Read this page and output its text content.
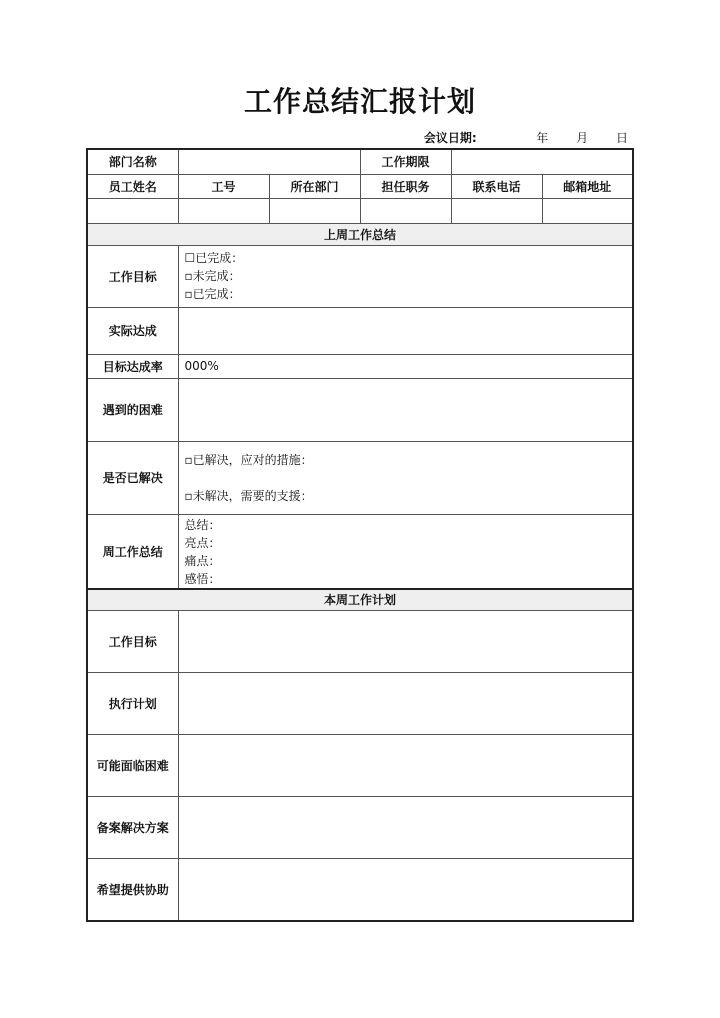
工作总结汇报计划
会议日期:	年 月 日
部门名称			工作期限		
员工姓名	工号	所在部门	担任职务	联系电话	邮箱地址

上周工作总结					
工作目标	☐已完成：
▫未完成：
▫已完成：				

实际达成					
目标达成率	000%				
遇到的困难					
是否已解决	▫已解决，应对的措施：
▫未解决，需要的支援：				

周工作总结	总结：
亮点：
痛点：
感悟：				

本周工作计划					
工作目标					
执行计划					
可能面临困难					
备案解决方案					
希望提供协助					
